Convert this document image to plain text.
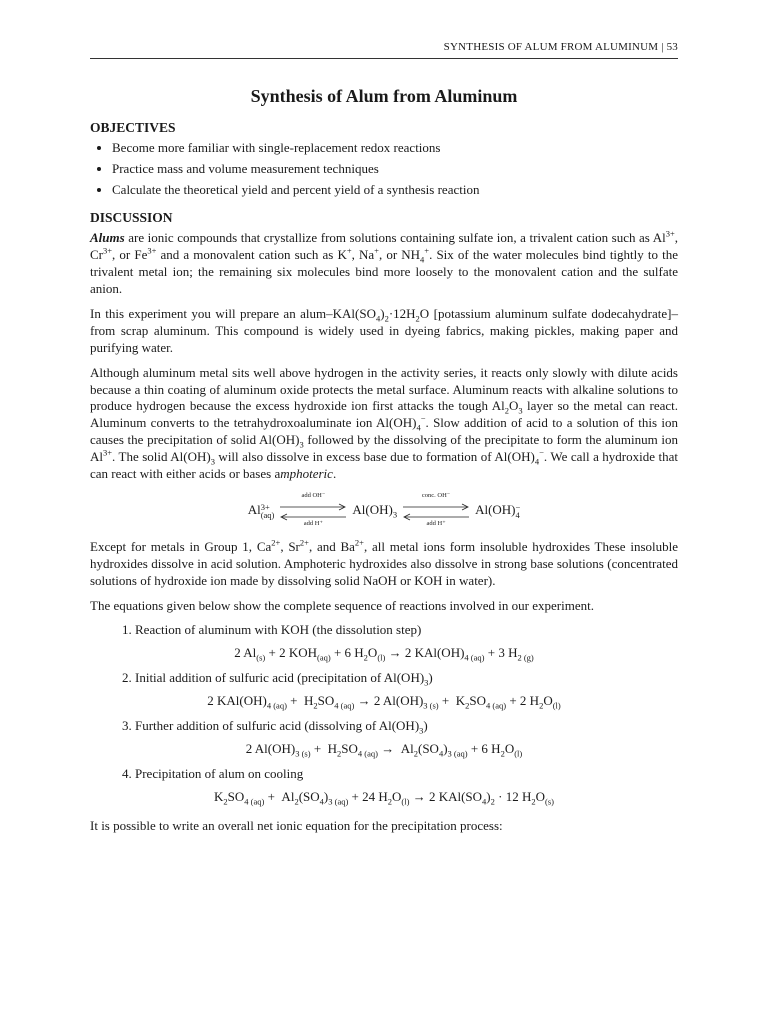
SYNTHESIS OF ALUM FROM ALUMINUM | 53
Synthesis of Alum from Aluminum
OBJECTIVES
• Become more familiar with single-replacement redox reactions
• Practice mass and volume measurement techniques
• Calculate the theoretical yield and percent yield of a synthesis reaction
DISCUSSION

Alums are ionic compounds that crystallize from solutions containing sulfate ion, a trivalent cation such as $Al^{3+}$, $Cr^{3+}$, or $Fe^{3+}$ and a monovalent cation such as K+, Na+, or $NH_4^+$. Six of the water molecules bind tightly to the trivalent metal ion; the remaining six molecules bind more loosely to the monovalent cation and the sulfate anion.

In this experiment you will prepare an alum–$KAl(SO_4)_2\cdot 12H_2O$ [potassium aluminum sulfate dodecahydrate]–from scrap aluminum. This compound is widely used in dyeing fabrics, making pickles, making paper and purifying water.

Although aluminum metal sits well above hydrogen in the activity series, it reacts only slowly with dilute acids because a thin coating of aluminum oxide protects the metal surface. Aluminum reacts with alkaline solutions to produce hydrogen because the excess hydroxide ion first attacks the tough $Al_2O_3$ layer so the metal can react. Aluminum converts to the tetrahydroxoaluminate ion $Al(OH)_4^-$. Slow addition of acid to a solution of this ion causes the precipitation of solid $Al(OH)_3$ followed by the dissolving of the precipitate to form the aluminum ion $Al^{3+}$. The solid $Al(OH)_3$ will also dissolve in excess base due to formation of $Al(OH)_4^-$. We call a hydroxide that can react with either acids or bases amphoteric.

Al 3+
(aq)
add OH⁻
add H⁺
$Al(OH)_3$
conc. OH⁻
add H⁺
Al(OH) −
4

Except for metals in Group 1, $Ca^{2+}$, $Sr^{2+}$, and $Ba^{2+}$, all metal ions form insoluble hydroxides These insoluble hydroxides dissolve in acid solution. Amphoteric hydroxides also dissolve in strong base solutions (concentrated solutions of hydroxide ion made by dissolving solid NaOH or KOH in water).

The equations given below show the complete sequence of reactions involved in our experiment.

1. Reaction of aluminum with KOH (the dissolution step)
2 $Al_{(s)} + 2$ $KOH_{(aq)} + 6$ $H_2O_{(l)} \to 2$ $KAl(OH)_{4 (aq)} + 3$ $H_{2 (g)}$
2. Initial addition of sulfuric acid (precipitation of $Al(OH)_3$)
2 $KAl(OH)_{4 (aq)} + H_2SO_{4 (aq)} \to 2$ $Al(OH)_{3 (s)} + K_2SO_{4 (aq)} + 2$ $H_2O_{(l)}$
3. Further addition of sulfuric acid (dissolving of $Al(OH)_3$)
2 $Al(OH)_{3 (s)} + H_2SO_{4 (aq)} \to Al_2(SO_4)_{3 (aq)} + 6$ $H_2O_{(l)}$
4. Precipitation of alum on cooling
$K_2SO_{4 (aq)} + Al_2(SO_4)_{3 (aq)} + 24$ $H_2O_{(l)} \to 2$ $KAl(SO_4)_2 \cdot 12$ $H_2O_{(s)}$

It is possible to write an overall net ionic equation for the precipitation process:
